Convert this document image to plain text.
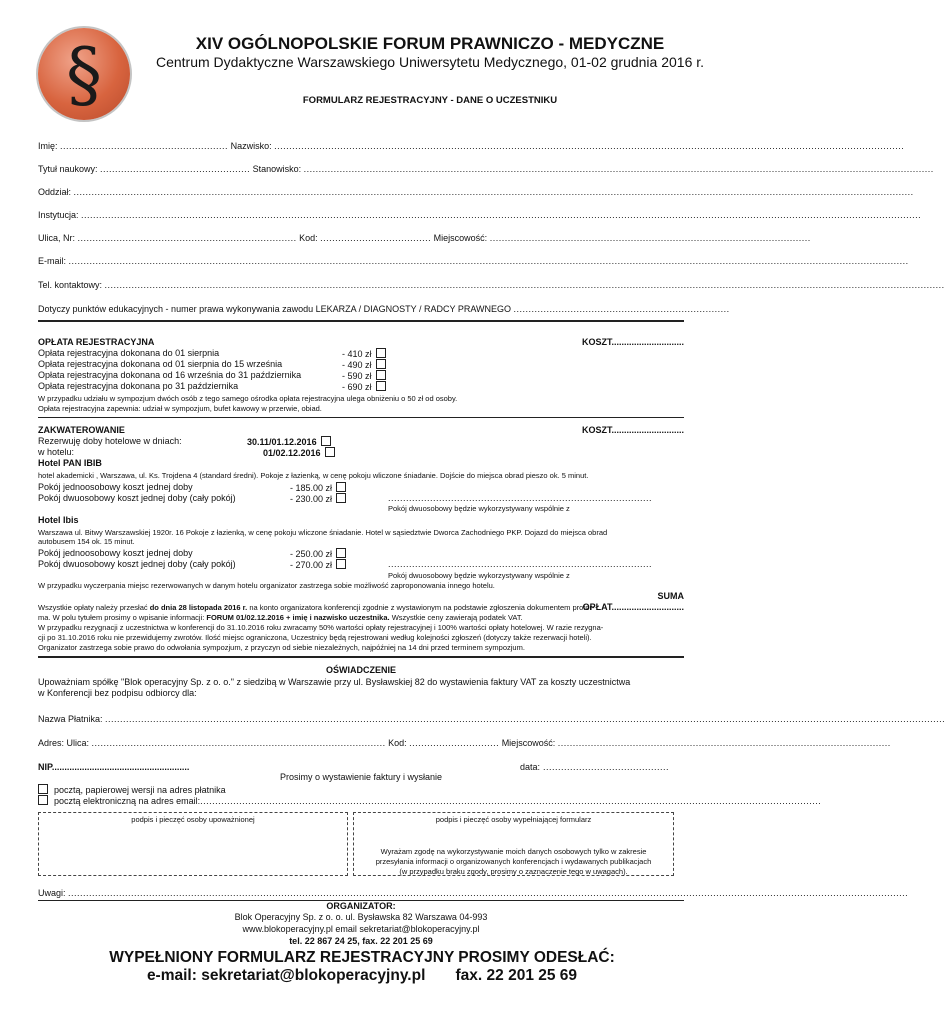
§	XIV OGÓLNOPOLSKIE FORUM PRAWNICZO - MEDYCZNE
Centrum Dydaktyczne Warszawskiego Uniwersytetu Medycznego, 01-02 grudnia 2016 r.
FORMULARZ REJESTRACYJNY - DANE O UCZESTNIKU
Imię: ........................................................ Nazwisko: ..................................................................................................................................................................................................................
Tytuł naukowy: .................................................. Stanowisko: ..................................................................................................................................................................................................................
Oddział: ........................................................................................................................................................................................................................................................................................
Instytucja: ........................................................................................................................................................................................................................................................................................
Ulica, Nr: ......................................................................... Kod: ..................................... Miejscowość: ...........................................................................................................
E-mail: ........................................................................................................................................................................................................................................................................................
Tel. kontaktowy: ........................................................................................................................................................................................................................................................................................
Dotyczy punktów edukacyjnych - numer prawa wykonywania zawodu LEKARZA / DIAGNOSTY / RADCY PRAWNEGO ........................................................................
OPŁATA REJESTRACYJNA	KOSZT.............................
Opłata rejestracyjna dokonana do 01 sierpnia	- 410 zł
Opłata rejestracyjna dokonana od 01 sierpnia do 15 września	- 490 zł
Opłata rejestracyjna dokonana od 16 września do 31 października	- 590 zł
Opłata rejestracyjna dokonana po 31 października	- 690 zł
W przypadku udziału w sympozjum dwóch osób z tego samego ośrodka opłata rejestracyjna ulega obniżeniu o 50 zł od osoby.
Opłata rejestracyjna zapewnia: udział w sympozjum, bufet kawowy w przerwie, obiad.
ZAKWATEROWANIE	KOSZT.............................
Rezerwuję doby hotelowe w dniach:	30.11/01.12.2016
w hotelu:	01/02.12.2016
Hotel PAN IBIB
hotel akademicki , Warszawa, ul. Ks. Trojdena 4 (standard średni). Pokoje z łazienką, w cenę pokoju wliczone śniadanie. Dojście do miejsca obrad pieszo ok. 5 minut.
Pokój jednoosobowy koszt jednej doby	- 185.00 zł
Pokój dwuosobowy koszt jednej doby (cały pokój)	- 230.00 zł	........................................................................................
Pokój dwuosobowy będzie wykorzystywany wspólnie z
Hotel Ibis
Warszawa ul. Bitwy Warszawskiej 1920r. 16 Pokoje z łazienką, w cenę pokoju wliczone śniadanie. Hotel w sąsiedztwie Dworca Zachodniego PKP. Dojazd do miejsca obrad
autobusem 154 ok. 15 minut.
Pokój jednoosobowy koszt jednej doby	- 250.00 zł
Pokój dwuosobowy koszt jednej doby (cały pokój)	- 270.00 zł	........................................................................................
Pokój dwuosobowy będzie wykorzystywany wspólnie z
W przypadku wyczerpania miejsc rezerwowanych w danym hotelu organizator zastrzega sobie możliwość zaproponowania innego hotelu.
SUMA OPŁAT.............................
Wszystkie opłaty należy przesłać do dnia 28 listopada 2016 r. na konto organizatora konferencji zgodnie z wystawionym na podstawie zgłoszenia dokumentem profor-
ma. W polu tytułem prosimy o wpisanie informacji: FORUM 01/02.12.2016 + imię i nazwisko uczestnika. Wszystkie ceny zawierają podatek VAT.
W przypadku rezygnacji z uczestnictwa w konferencji do 31.10.2016 roku zwracamy 50% wartości opłaty rejestracyjnej i 100% wartości opłaty hotelowej. W razie rezygna-
cji po 31.10.2016 roku nie przewidujemy zwrotów. Ilość miejsc ograniczona, Uczestnicy będą rejestrowani według kolejności zgłoszeń (dotyczy także rezerwacji hoteli).
Organizator zastrzega sobie prawo do odwołania sympozjum, z przyczyn od siebie niezależnych, najpóźniej na 14 dni przed terminem sympozjum.
OŚWIADCZENIE
Upoważniam spółkę "Blok operacyjny Sp. z o. o." z siedzibą w Warszawie przy ul. Bysławskiej 82 do wystawienia faktury VAT za koszty uczestnictwa
w Konferencji bez podpisu odbiorcy dla:
Nazwa Płatnika: ........................................................................................................................................................................................................................................................................................
Adres: Ulica: .................................................................................................. Kod: .............................. Miejscowość: ...............................................................................................................
NIP.......................................................	data: ..........................................
Prosimy o wystawienie faktury i wysłanie
pocztą, papierowej wersji na adres płatnika
pocztą elektroniczną na adres email:...............................................................................................................................................................................................................
podpis i pieczęć osoby upoważnionej	podpis i pieczęć osoby wypełniającej formularz
Wyrażam zgodę na wykorzystywanie moich danych osobowych tylko w zakresie
przesyłania informacji o organizowanych konferencjach i wydawanych publikacjach
(w przypadku braku zgody, prosimy o zaznaczenie tego w uwagach).
Uwagi: ........................................................................................................................................................................................................................................................................................
ORGANIZATOR:
Blok Operacyjny Sp. z o. o. ul. Bysławska 82 Warszawa 04-993
www.blokoperacyjny.pl email sekretariat@blokoperacyjny.pl
tel. 22 867 24 25, fax. 22 201 25 69
WYPEŁNIONY FORMULARZ REJESTRACYJNY PROSIMY ODESŁAĆ:
e-mail: sekretariat@blokoperacyjny.pl       fax. 22 201 25 69
